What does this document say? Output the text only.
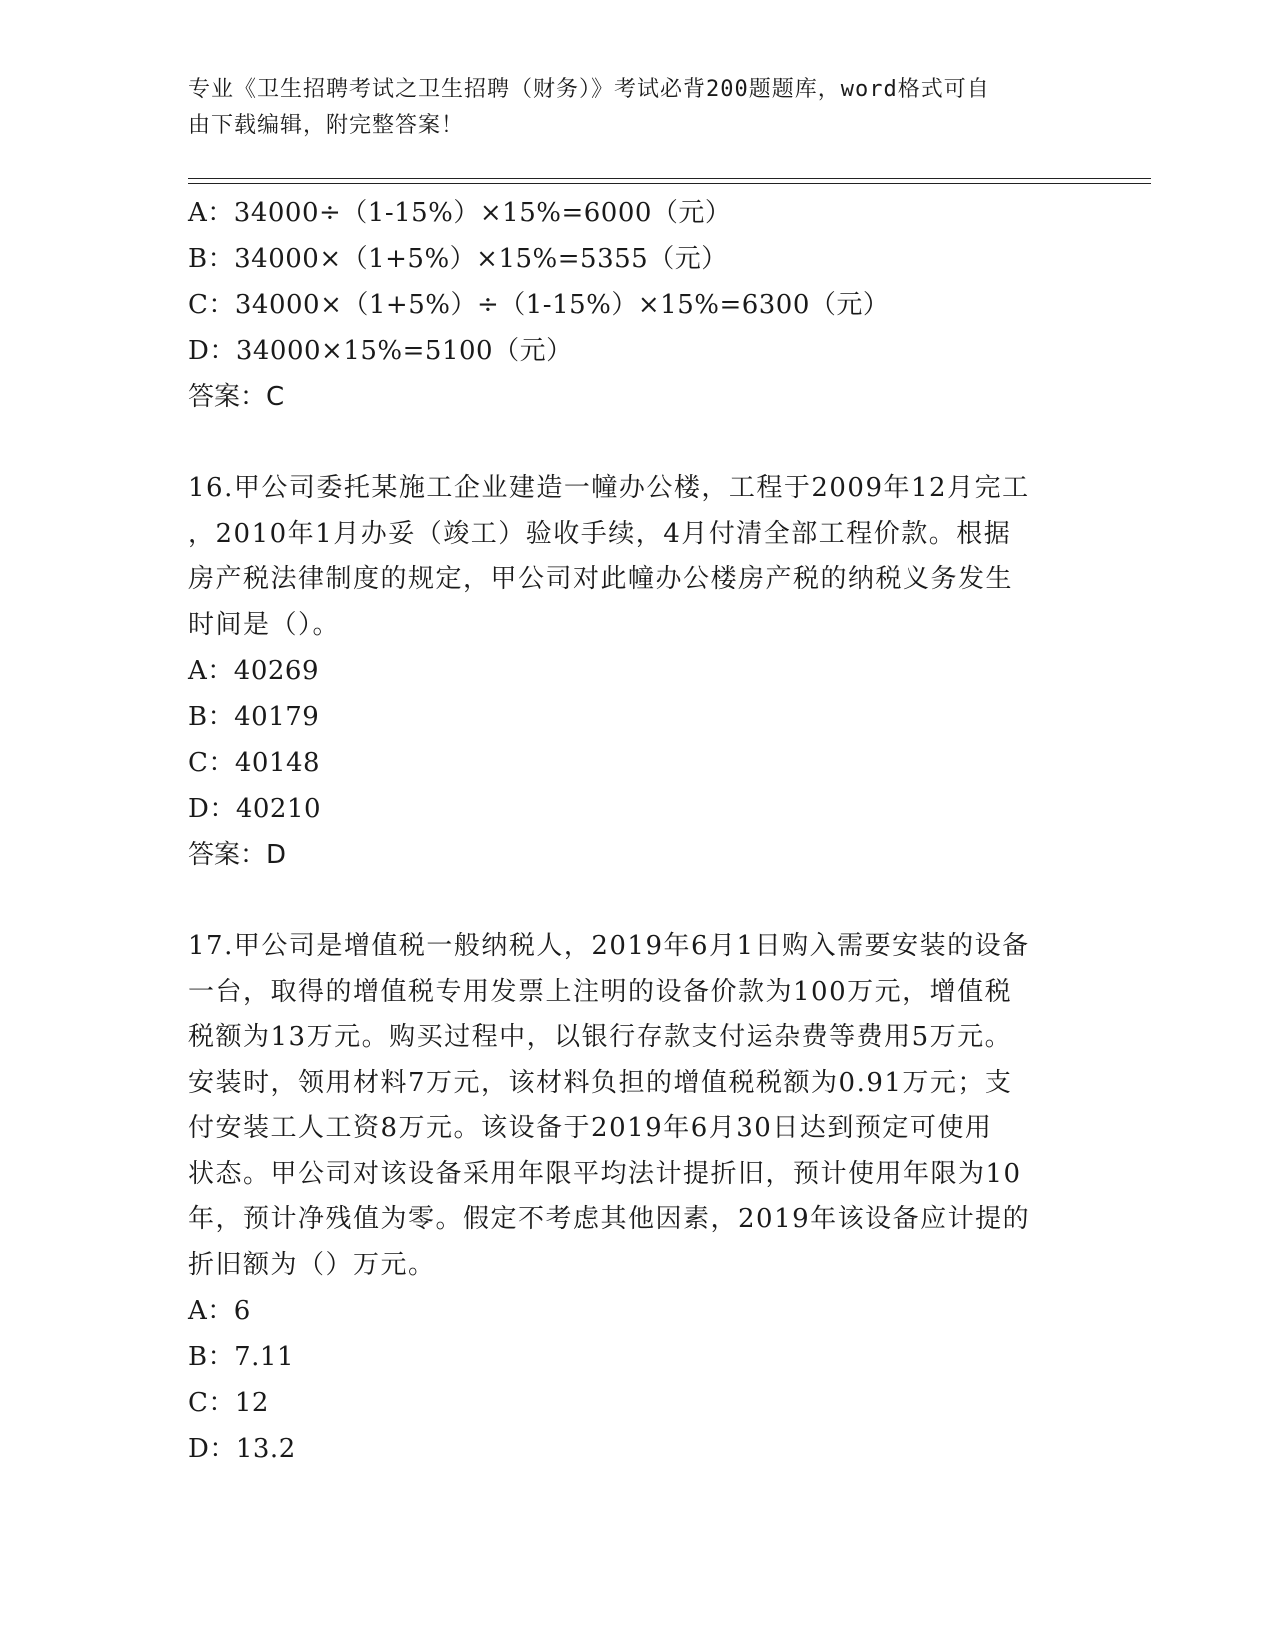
专业《卫生招聘考试之卫生招聘（财务）》考试必背200题题库，word格式可自
由下载编辑，附完整答案！
A：34000÷（1-15%）×15%=6000（元）
B：34000×（1+5%）×15%=5355（元）
C：34000×（1+5%）÷（1-15%）×15%=6300（元）
D：34000×15%=5100（元）
答案：C
16.甲公司委托某施工企业建造一幢办公楼，工程于2009年12月完工
，2010年1月办妥（竣工）验收手续，4月付清全部工程价款。根据
房产税法律制度的规定，甲公司对此幢办公楼房产税的纳税义务发生
时间是（）。
A：40269
B：40179
C：40148
D：40210
答案：D
17.甲公司是增值税一般纳税人，2019年6月1日购入需要安装的设备
一台，取得的增值税专用发票上注明的设备价款为100万元，增值税
税额为13万元。购买过程中，以银行存款支付运杂费等费用5万元。
安装时，领用材料7万元，该材料负担的增值税税额为0.91万元；支
付安装工人工资8万元。该设备于2019年6月30日达到预定可使用
状态。甲公司对该设备采用年限平均法计提折旧，预计使用年限为10
年，预计净残值为零。假定不考虑其他因素，2019年该设备应计提的
折旧额为（）万元。
A：6
B：7.11
C：12
D：13.2
